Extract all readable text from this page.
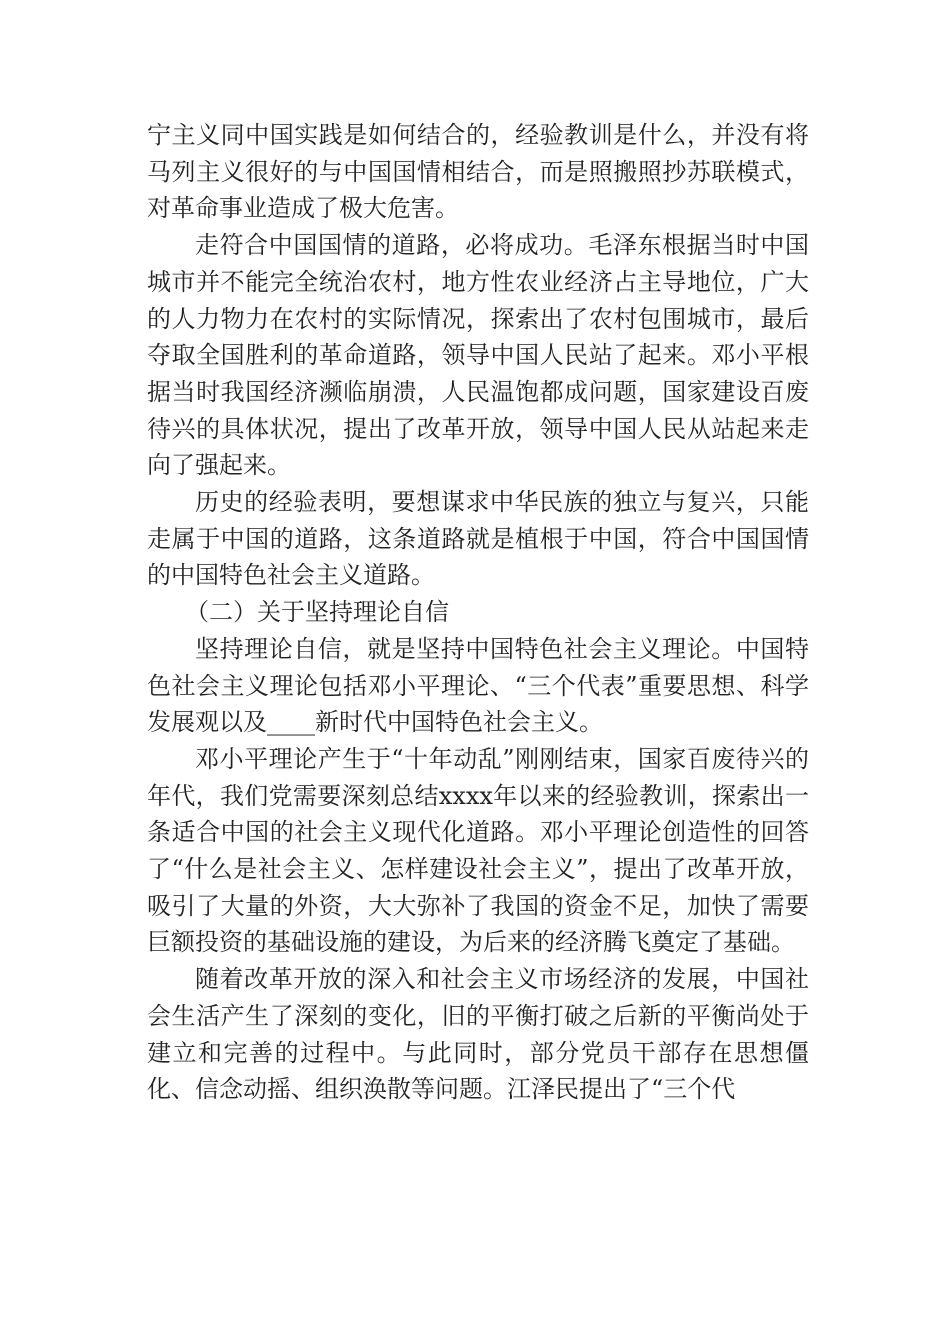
宁主义同中国实践是如何结合的，经验教训是什么，并没有将马列主义很好的与中国国情相结合，而是照搬照抄苏联模式，对革命事业造成了极大危害。

走符合中国国情的道路，必将成功。毛泽东根据当时中国城市并不能完全统治农村，地方性农业经济占主导地位，广大的人力物力在农村的实际情况，探索出了农村包围城市，最后夺取全国胜利的革命道路，领导中国人民站了起来。邓小平根据当时我国经济濒临崩溃，人民温饱都成问题，国家建设百废待兴的具体状况，提出了改革开放，领导中国人民从站起来走向了强起来。

历史的经验表明，要想谋求中华民族的独立与复兴，只能走属于中国的道路，这条道路就是植根于中国，符合中国国情的中国特色社会主义道路。

（二）关于坚持理论自信

坚持理论自信，就是坚持中国特色社会主义理论。中国特色社会主义理论包括邓小平理论、“三个代表”重要思想、科学发展观以及____新时代中国特色社会主义。

邓小平理论产生于“十年动乱”刚刚结束，国家百废待兴的年代，我们党需要深刻总结xxxx年以来的经验教训，探索出一条适合中国的社会主义现代化道路。邓小平理论创造性的回答了“什么是社会主义、怎样建设社会主义”，提出了改革开放，吸引了大量的外资，大大弥补了我国的资金不足，加快了需要巨额投资的基础设施的建设，为后来的经济腾飞奠定了基础。

随着改革开放的深入和社会主义市场经济的发展，中国社会生活产生了深刻的变化，旧的平衡打破之后新的平衡尚处于建立和完善的过程中。与此同时，部分党员干部存在思想僵化、信念动摇、组织涣散等问题。江泽民提出了“三个代
